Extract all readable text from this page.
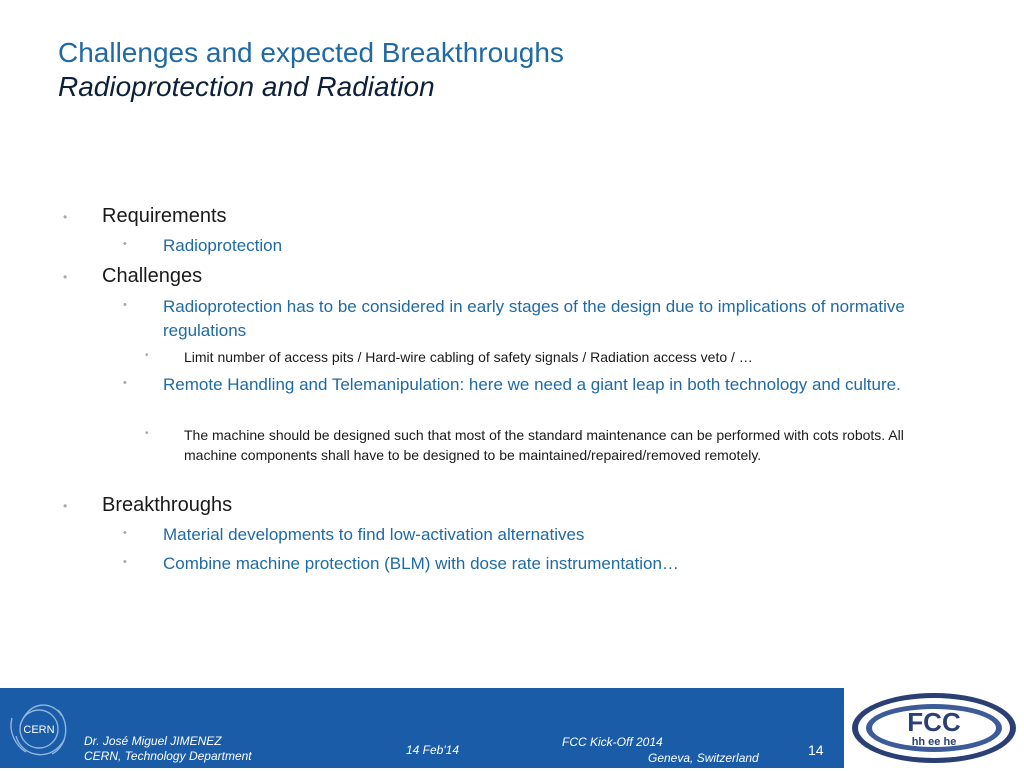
Challenges and expected Breakthroughs
Radioprotection and Radiation
• Requirements
• Radioprotection
• Challenges
• Radioprotection has to be considered in early stages of the design due to implications of normative regulations
•	Limit number of access pits / Hard-wire cabling of safety signals / Radiation access veto / …
• Remote Handling and Telemanipulation: here we need a giant leap in both technology and culture.
•	The machine should be designed such that most of the standard maintenance can be performed with cots robots. All machine components shall have to be designed to be maintained/repaired/removed remotely.
• Breakthroughs
• Material developments to find low-activation alternatives
• Combine machine protection (BLM) with dose rate instrumentation…
CERN
Dr. José Miguel JIMENEZ
CERN, Technology Department	14 Feb'14
FCC Kick-Off 2014
Geneva, Switzerland	14
FCC
hh ee he
